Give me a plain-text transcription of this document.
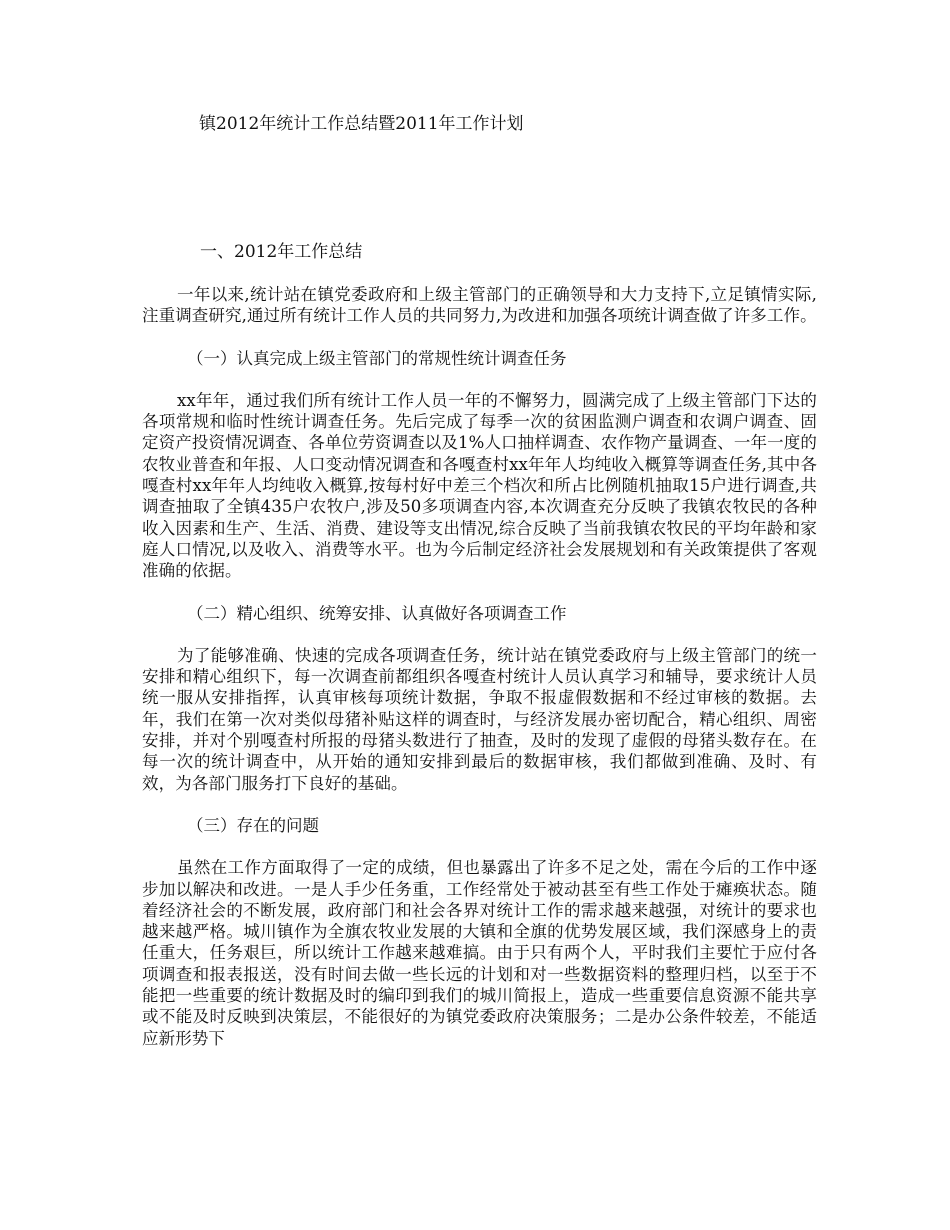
镇2012年统计工作总结暨2011年工作计划
一、2012年工作总结

一年以来,统计站在镇党委政府和上级主管部门的正确领导和大力支持下,立足镇情实际,注重调查研究,通过所有统计工作人员的共同努力,为改进和加强各项统计调查做了许多工作。

（一）认真完成上级主管部门的常规性统计调查任务

xx年年，通过我们所有统计工作人员一年的不懈努力，圆满完成了上级主管部门下达的各项常规和临时性统计调查任务。先后完成了每季一次的贫困监测户调查和农调户调查、固定资产投资情况调查、各单位劳资调查以及1%人口抽样调查、农作物产量调查、一年一度的农牧业普查和年报、人口变动情况调查和各嘎查村xx年年人均纯收入概算等调查任务,其中各嘎查村xx年年人均纯收入概算,按每村好中差三个档次和所占比例随机抽取15户进行调查,共调查抽取了全镇435户农牧户,涉及50多项调查内容,本次调查充分反映了我镇农牧民的各种收入因素和生产、生活、消费、建设等支出情况,综合反映了当前我镇农牧民的平均年龄和家庭人口情况,以及收入、消费等水平。也为今后制定经济社会发展规划和有关政策提供了客观准确的依据。

（二）精心组织、统筹安排、认真做好各项调查工作

为了能够准确、快速的完成各项调查任务，统计站在镇党委政府与上级主管部门的统一安排和精心组织下，每一次调查前都组织各嘎查村统计人员认真学习和辅导，要求统计人员统一服从安排指挥，认真审核每项统计数据，争取不报虚假数据和不经过审核的数据。去年，我们在第一次对类似母猪补贴这样的调查时，与经济发展办密切配合，精心组织、周密安排，并对个别嘎查村所报的母猪头数进行了抽查，及时的发现了虚假的母猪头数存在。在每一次的统计调查中，从开始的通知安排到最后的数据审核，我们都做到准确、及时、有效，为各部门服务打下良好的基础。

（三）存在的问题

虽然在工作方面取得了一定的成绩，但也暴露出了许多不足之处，需在今后的工作中逐步加以解决和改进。一是人手少任务重，工作经常处于被动甚至有些工作处于瘫痪状态。随着经济社会的不断发展，政府部门和社会各界对统计工作的需求越来越强，对统计的要求也越来越严格。城川镇作为全旗农牧业发展的大镇和全旗的优势发展区域，我们深感身上的责任重大，任务艰巨，所以统计工作越来越难搞。由于只有两个人，平时我们主要忙于应付各项调查和报表报送，没有时间去做一些长远的计划和对一些数据资料的整理归档，以至于不能把一些重要的统计数据及时的编印到我们的城川简报上，造成一些重要信息资源不能共享或不能及时反映到决策层，不能很好的为镇党委政府决策服务；二是办公条件较差，不能适应新形势下
